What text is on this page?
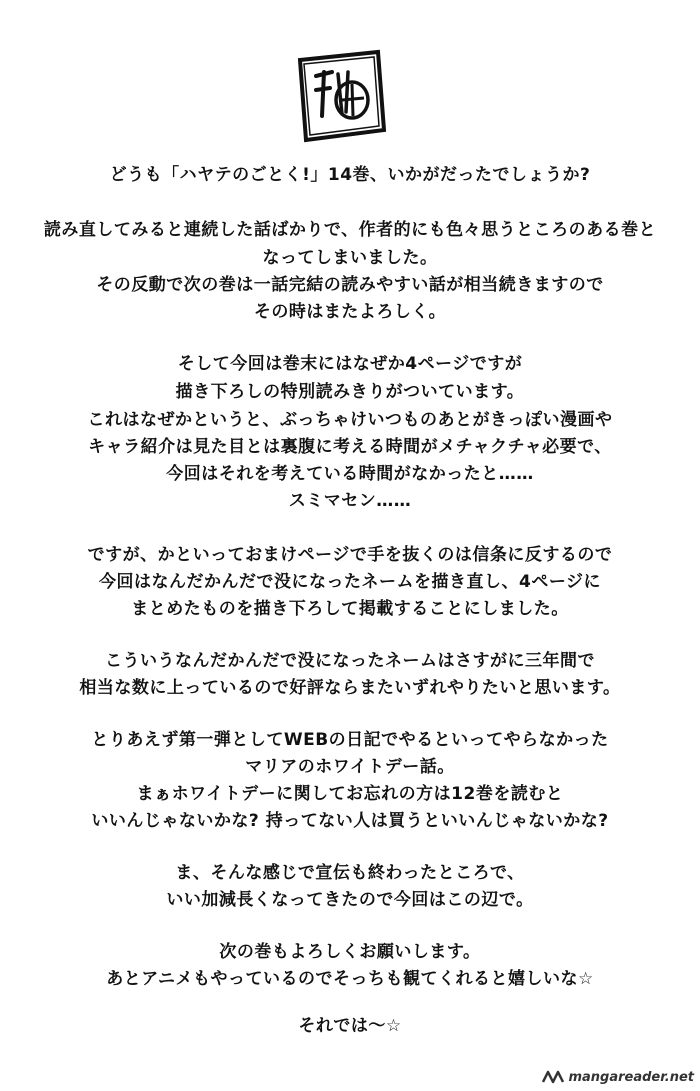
どうも「ハヤテのごとく!」14巻、いかがだったでしょうか?
読み直してみると連続した話ばかりで、作者的にも色々思うところのある巻と
なってしまいました。
その反動で次の巻は一話完結の読みやすい話が相当続きますので
その時はまたよろしく。
そして今回は巻末にはなぜか4ページですが
描き下ろしの特別読みきりがついています。
これはなぜかというと、ぶっちゃけいつものあとがきっぽい漫画や
キャラ紹介は見た目とは裏腹に考える時間がメチャクチャ必要で、
今回はそれを考えている時間がなかったと……
スミマセン……
ですが、かといっておまけページで手を抜くのは信条に反するので
今回はなんだかんだで没になったネームを描き直し、4ページに
まとめたものを描き下ろして掲載することにしました。
こういうなんだかんだで没になったネームはさすがに三年間で
相当な数に上っているので好評ならまたいずれやりたいと思います。
とりあえず第一弾としてWEBの日記でやるといってやらなかった
マリアのホワイトデー話。
まぁホワイトデーに関してお忘れの方は12巻を読むと
いいんじゃないかな? 持ってない人は買うといいんじゃないかな?
ま、そんな感じで宣伝も終わったところで、
いい加減長くなってきたので今回はこの辺で。
次の巻もよろしくお願いします。
あとアニメもやっているのでそっちも観てくれると嬉しいな☆
それでは〜☆
mangareader.net
